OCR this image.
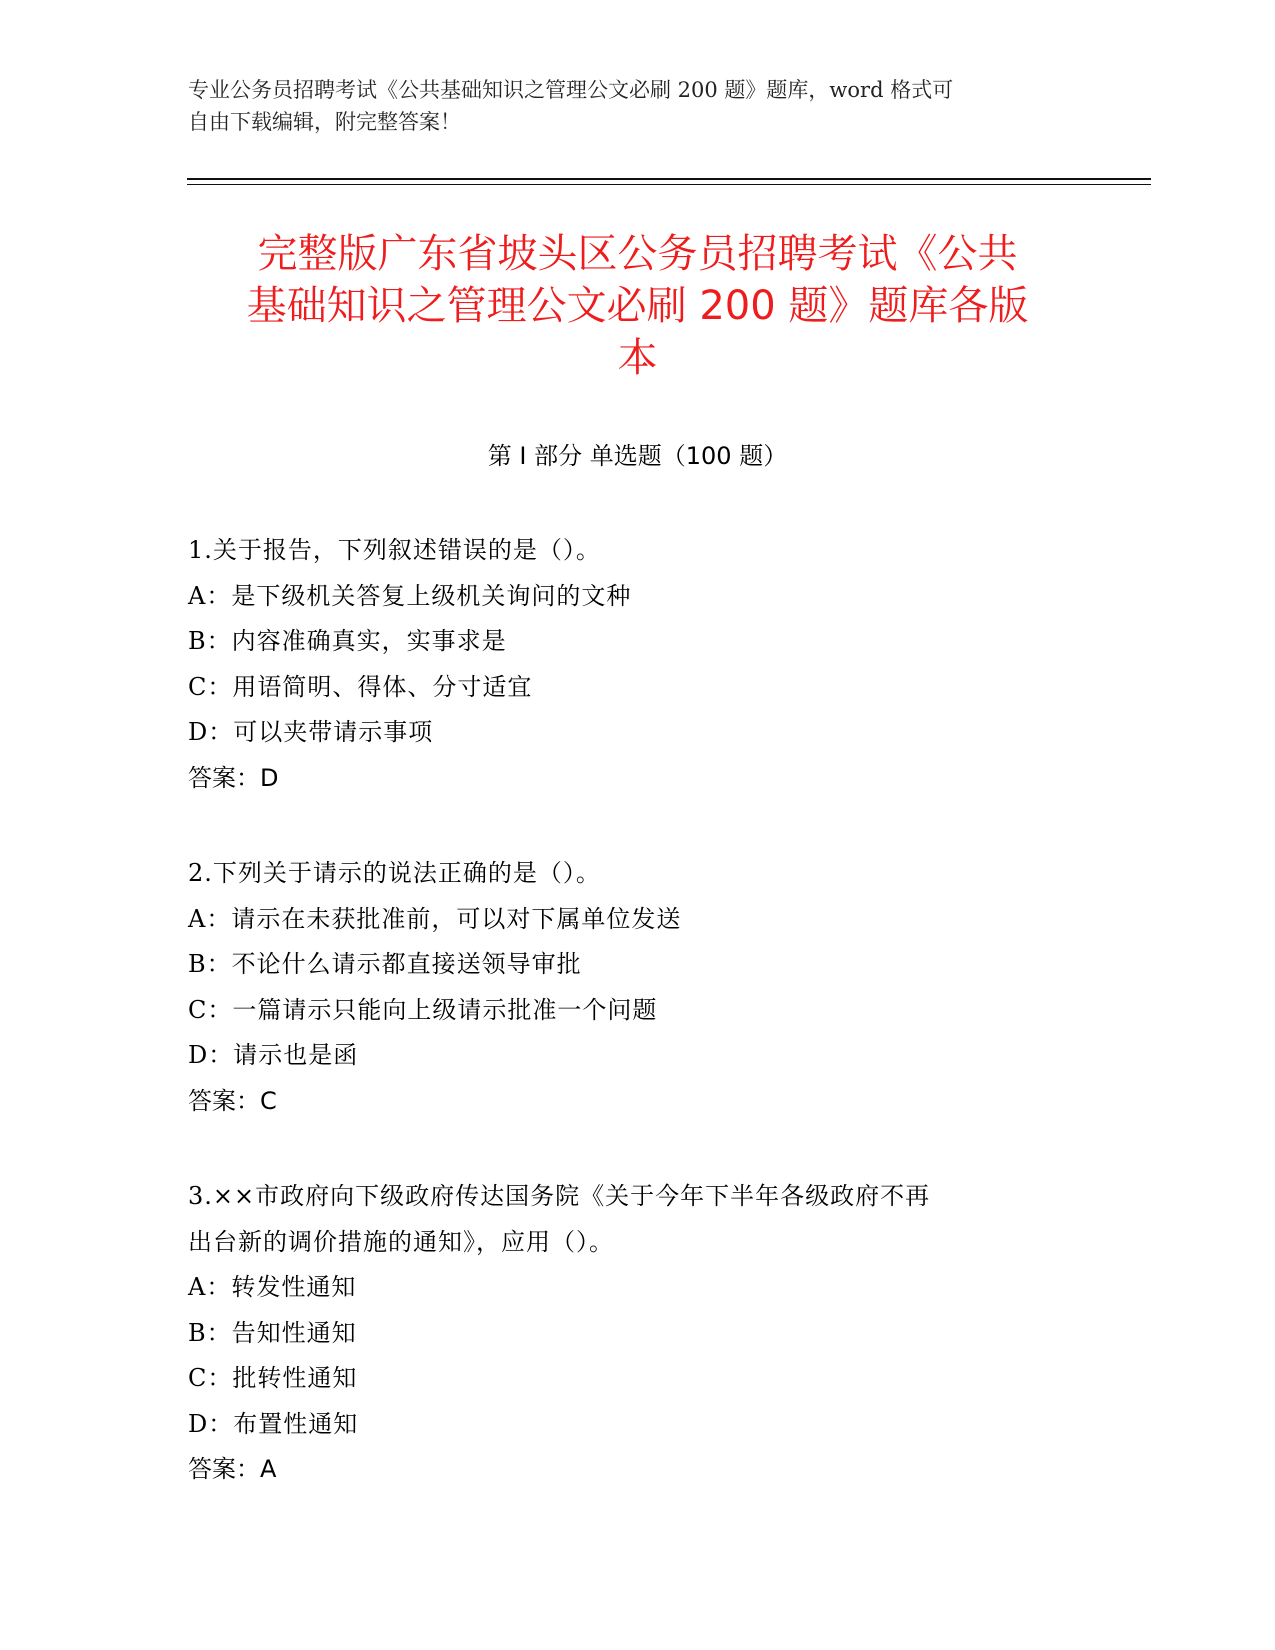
专业公务员招聘考试《公共基础知识之管理公文必刷 200 题》题库，word 格式可
自由下载编辑，附完整答案！
完整版广东省坡头区公务员招聘考试《公共
基础知识之管理公文必刷 200 题》题库各版
本
第 I 部分 单选题（100 题）
1.关于报告，下列叙述错误的是（）。
A：是下级机关答复上级机关询问的文种
B：内容准确真实，实事求是
C：用语简明、得体、分寸适宜
D：可以夹带请示事项
答案：D
2.下列关于请示的说法正确的是（）。
A：请示在未获批准前，可以对下属单位发送
B：不论什么请示都直接送领导审批
C：一篇请示只能向上级请示批准一个问题
D：请示也是函
答案：C
3.××市政府向下级政府传达国务院《关于今年下半年各级政府不再
出台新的调价措施的通知》，应用（）。
A：转发性通知
B：告知性通知
C：批转性通知
D：布置性通知
答案：A
